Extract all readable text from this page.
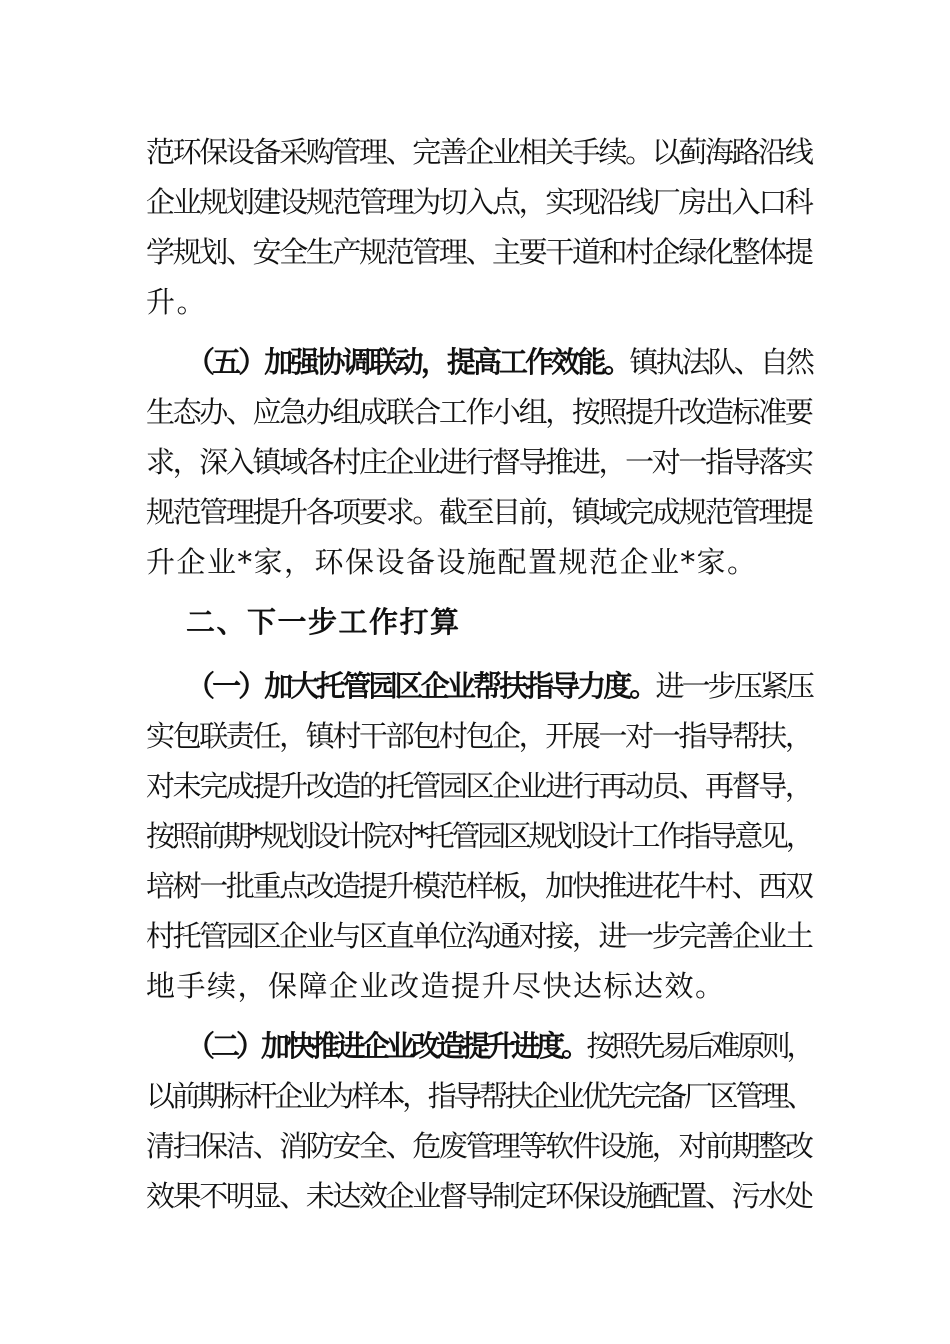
范环保设备采购管理、完善企业相关手续。以蓟海路沿线
企业规划建设规范管理为切入点，实现沿线厂房出入口科
学规划、安全生产规范管理、主要干道和村企绿化整体提
升。
（五）加强协调联动，提高工作效能。镇执法队、自然
生态办、应急办组成联合工作小组，按照提升改造标准要
求，深入镇域各村庄企业进行督导推进，一对一指导落实
规范管理提升各项要求。截至目前，镇域完成规范管理提
升企业*家，环保设备设施配置规范企业*家。
二、下一步工作打算
（一）加大托管园区企业帮扶指导力度。进一步压紧压
实包联责任，镇村干部包村包企，开展一对一指导帮扶，
对未完成提升改造的托管园区企业进行再动员、再督导，
按照前期*规划设计院对*托管园区规划设计工作指导意见，
培树一批重点改造提升模范样板，加快推进花牛村、西双
村托管园区企业与区直单位沟通对接，进一步完善企业土
地手续，保障企业改造提升尽快达标达效。
（二）加快推进企业改造提升进度。按照先易后难原则，
以前期标杆企业为样本，指导帮扶企业优先完备厂区管理、
清扫保洁、消防安全、危废管理等软件设施，对前期整改
效果不明显、未达效企业督导制定环保设施配置、污水处
